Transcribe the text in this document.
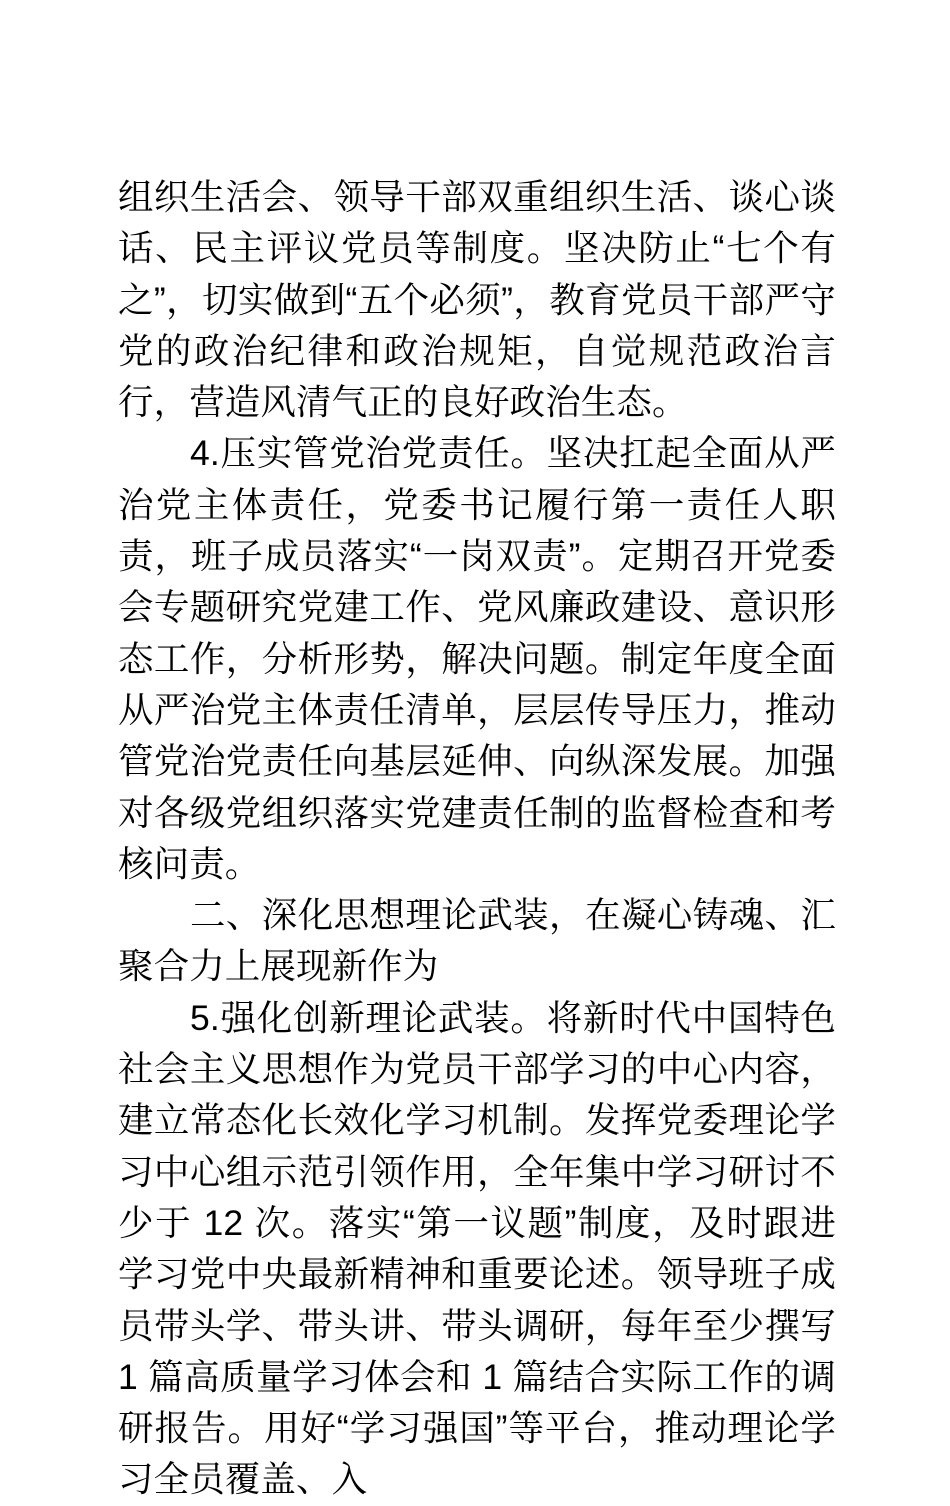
组织生活会、领导干部双重组织生活、谈心谈话、民主评议党员等制度。坚决防止“七个有之”，切实做到“五个必须”，教育党员干部严守党的政治纪律和政治规矩，自觉规范政治言行，营造风清气正的良好政治生态。

4.压实管党治党责任。坚决扛起全面从严治党主体责任，党委书记履行第一责任人职责，班子成员落实“一岗双责”。定期召开党委会专题研究党建工作、党风廉政建设、意识形态工作，分析形势，解决问题。制定年度全面从严治党主体责任清单，层层传导压力，推动管党治党责任向基层延伸、向纵深发展。加强对各级党组织落实党建责任制的监督检查和考核问责。

二、深化思想理论武装，在凝心铸魂、汇聚合力上展现新作为

5.强化创新理论武装。将新时代中国特色社会主义思想作为党员干部学习的中心内容，建立常态化长效化学习机制。发挥党委理论学习中心组示范引领作用，全年集中学习研讨不少于 12 次。落实“第一议题”制度，及时跟进学习党中央最新精神和重要论述。领导班子成员带头学、带头讲、带头调研，每年至少撰写 1 篇高质量学习体会和 1 篇结合实际工作的调研报告。用好“学习强国”等平台，推动理论学习全员覆盖、入
